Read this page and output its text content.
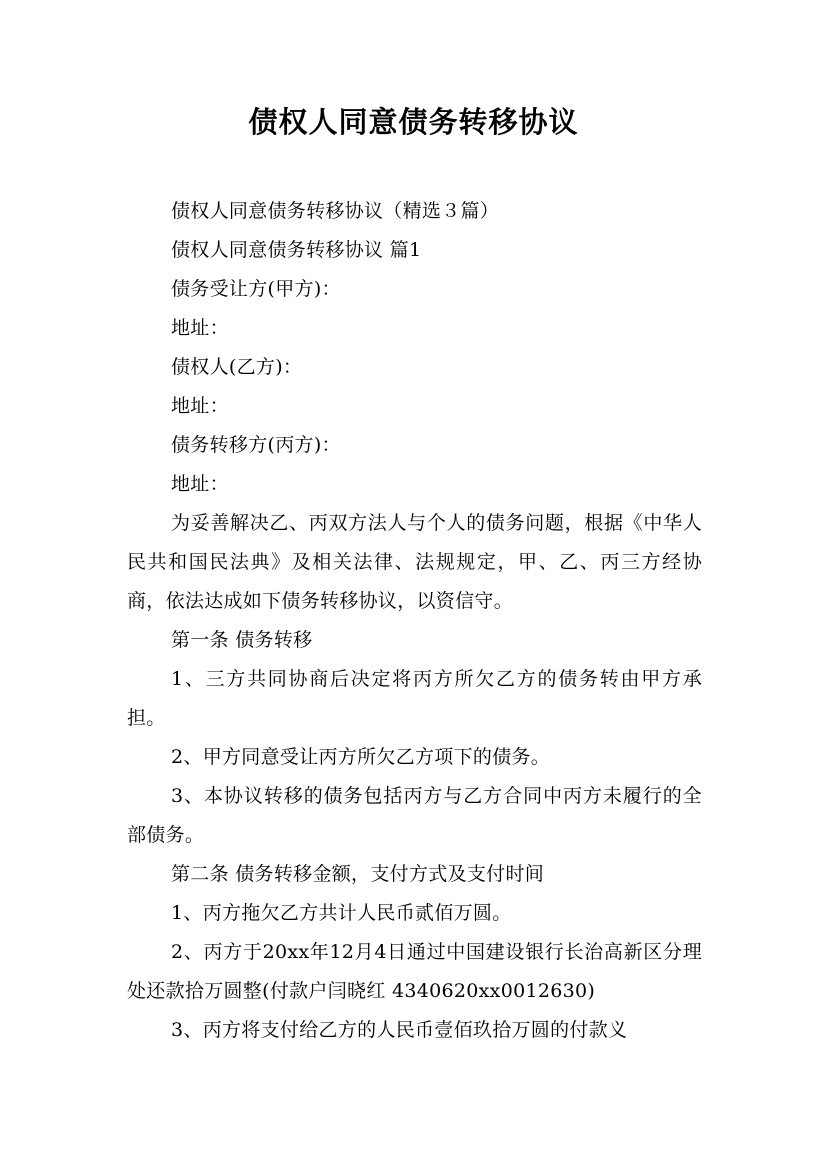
债权人同意债务转移协议

债权人同意债务转移协议（精选３篇）

债权人同意债务转移协议 篇1

债务受让方(甲方)：

地址：

债权人(乙方)：

地址：

债务转移方(丙方)：

地址：

为妥善解决乙、丙双方法人与个人的债务问题，根据《中华人民共和国民法典》及相关法律、法规规定，甲、乙、丙三方经协商，依法达成如下债务转移协议，以资信守。

第一条 债务转移

1、三方共同协商后决定将丙方所欠乙方的债务转由甲方承担。

2、甲方同意受让丙方所欠乙方项下的债务。

3、本协议转移的债务包括丙方与乙方合同中丙方未履行的全部债务。

第二条 债务转移金额，支付方式及支付时间

1、丙方拖欠乙方共计人民币贰佰万圆。

2、丙方于20xx年12月4日通过中国建设银行长治高新区分理处还款拾万圆整(付款户闫晓红 4340620xx0012630)

3、丙方将支付给乙方的人民币壹佰玖拾万圆的付款义
